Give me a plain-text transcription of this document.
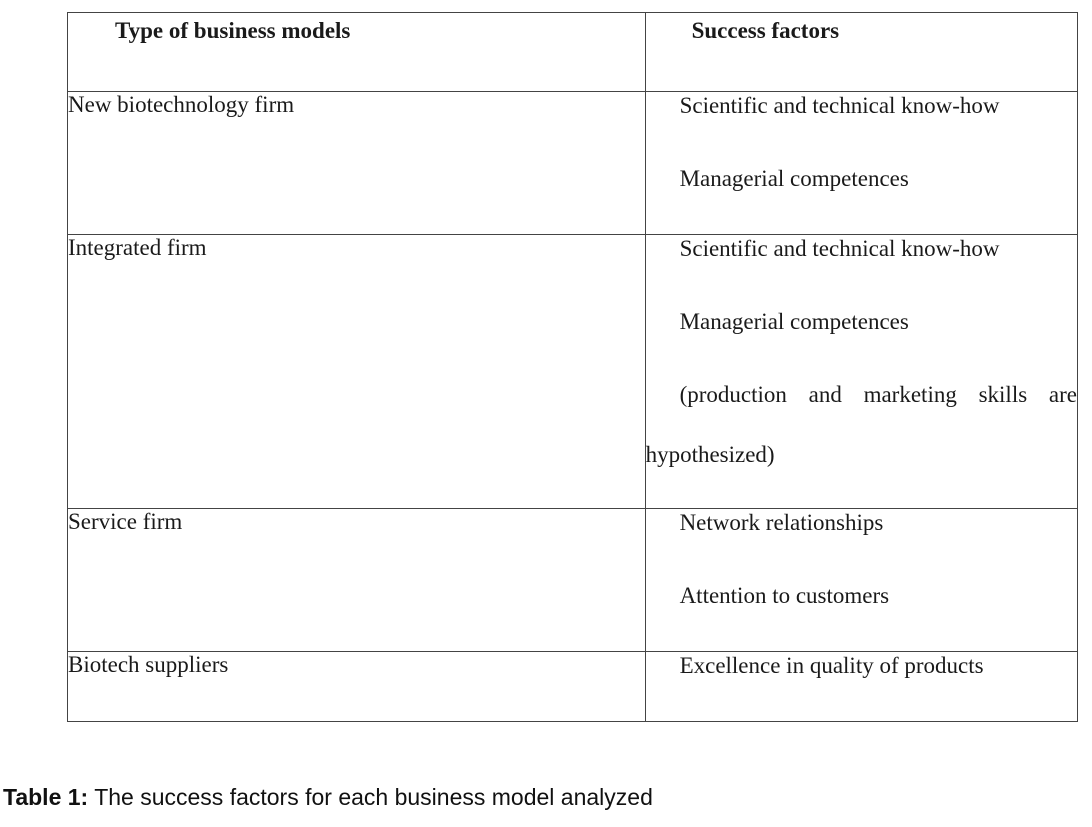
Type of business models	Success factors
New biotechnology firm	Scientific and technical know-how
Managerial competences

Integrated firm	Scientific and technical know-how
Managerial competences
(production and marketing skills are hypothesized)

Service firm	Network relationships
Attention to customers

Biotech suppliers	Excellence in quality of products
Table 1: The success factors for each business model analyzed
